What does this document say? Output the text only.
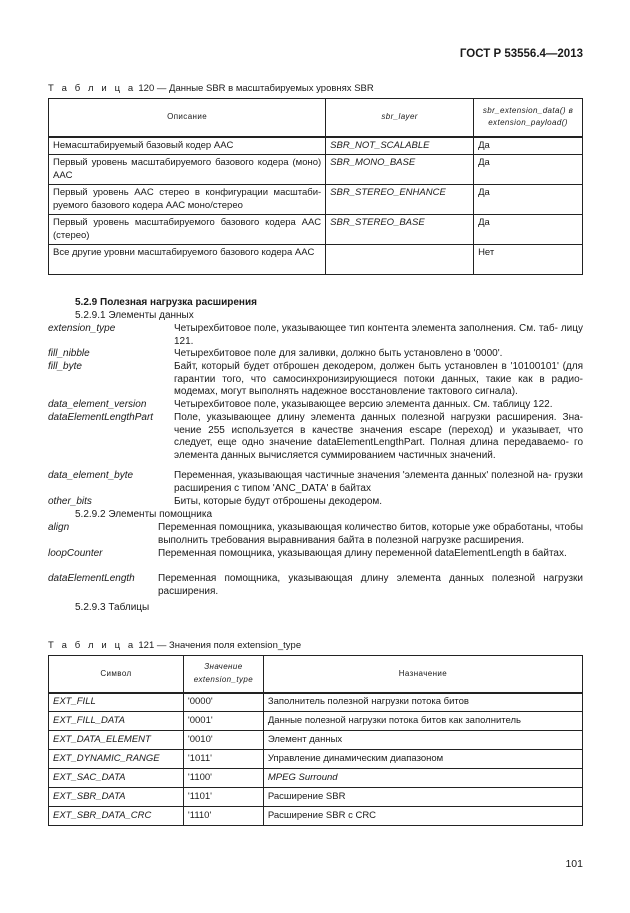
ГОСТ Р 53556.4—2013
Т а б л и ц а 120 — Данные SBR в масштабируемых уровнях SBR
Описание	sbr_layer	sbr_extension_data() в extension_payload()
Немасштабируемый базовый кодер AAC	SBR_NOT_SCALABLE	Да
Первый уровень масштабируемого базового кодера (моно) AAC	SBR_MONO_BASE	Да
Первый уровень AAC стерео в конфигурации масштаби-руемого базового кодера ААС моно/стерео	SBR_STEREO_ENHANCE	Да
Первый уровень масштабируемого базового кодера AAC (стерео)	SBR_STEREO_BASE	Да
Все другие уровни масштабируемого базового кодера AAC		Нет
5.2.9 Полезная нагрузка расширения
5.2.9.1 Элементы данных
extension_type	Четырехбитовое поле, указывающее тип контента элемента заполнения. См. таб- лицу 121.
fill_nibble	Четырехбитовое поле для заливки, должно быть установлено в '0000'.
fill_byte	Байт, который будет отброшен декодером, должен быть установлен в '10100101' (для гарантии того, что самосинхронизирующиеся потоки данных, такие как в радио-модемах, могут выполнять надежное восстановление тактового сигнала).
data_element_version	Четырехбитовое поле, указывающее версию элемента данных. См. таблицу 122.
dataElementLengthPart Поле, указывающее длину элемента данных полезной нагрузки расширения. Зна- чение 255 используется в качестве значения escape (переход) и указывает, что следует, еще одно значение dataElementLengthPart. Полная длина передаваемо- го элемента данных вычисляется суммированием частичных значений.
data_element_byte	Переменная, указывающая частичные значения 'элемента данных' полезной на- грузки расширения с типом 'ANC_DATA' в байтах
other_bits	Биты, которые будут отброшены декодером.
5.2.9.2 Элементы помощника
align	Переменная помощника, указывающая количество битов, которые уже обработаны, чтобы выполнить требования выравнивания байта в полезной нагрузке расширения.
loopCounter	Переменная помощника, указывающая длину переменной dataElementLength в байтах.
dataElementLength Переменная помощника, указывающая длину элемента данных полезной нагрузки расширения.
5.2.9.3 Таблицы
Т а б л и ц а 121 — Значения поля extension_type
Символ	Значение extension_type	Назначение
EXT_FILL	'0000'	Заполнитель полезной нагрузки потока битов
EXT_FILL_DATA	'0001'	Данные полезной нагрузки потока битов как заполнитель
EXT_DATA_ELEMENT	'0010'	Элемент данных
EXT_DYNAMIC_RANGE	'1011'	Управление динамическим диапазоном
EXT_SAC_DATA	'1100'	MPEG Surround
EXT_SBR_DATA	'1101'	Расширение SBR
EXT_SBR_DATA_CRC	'1110'	Расширение SBR с CRC
101
